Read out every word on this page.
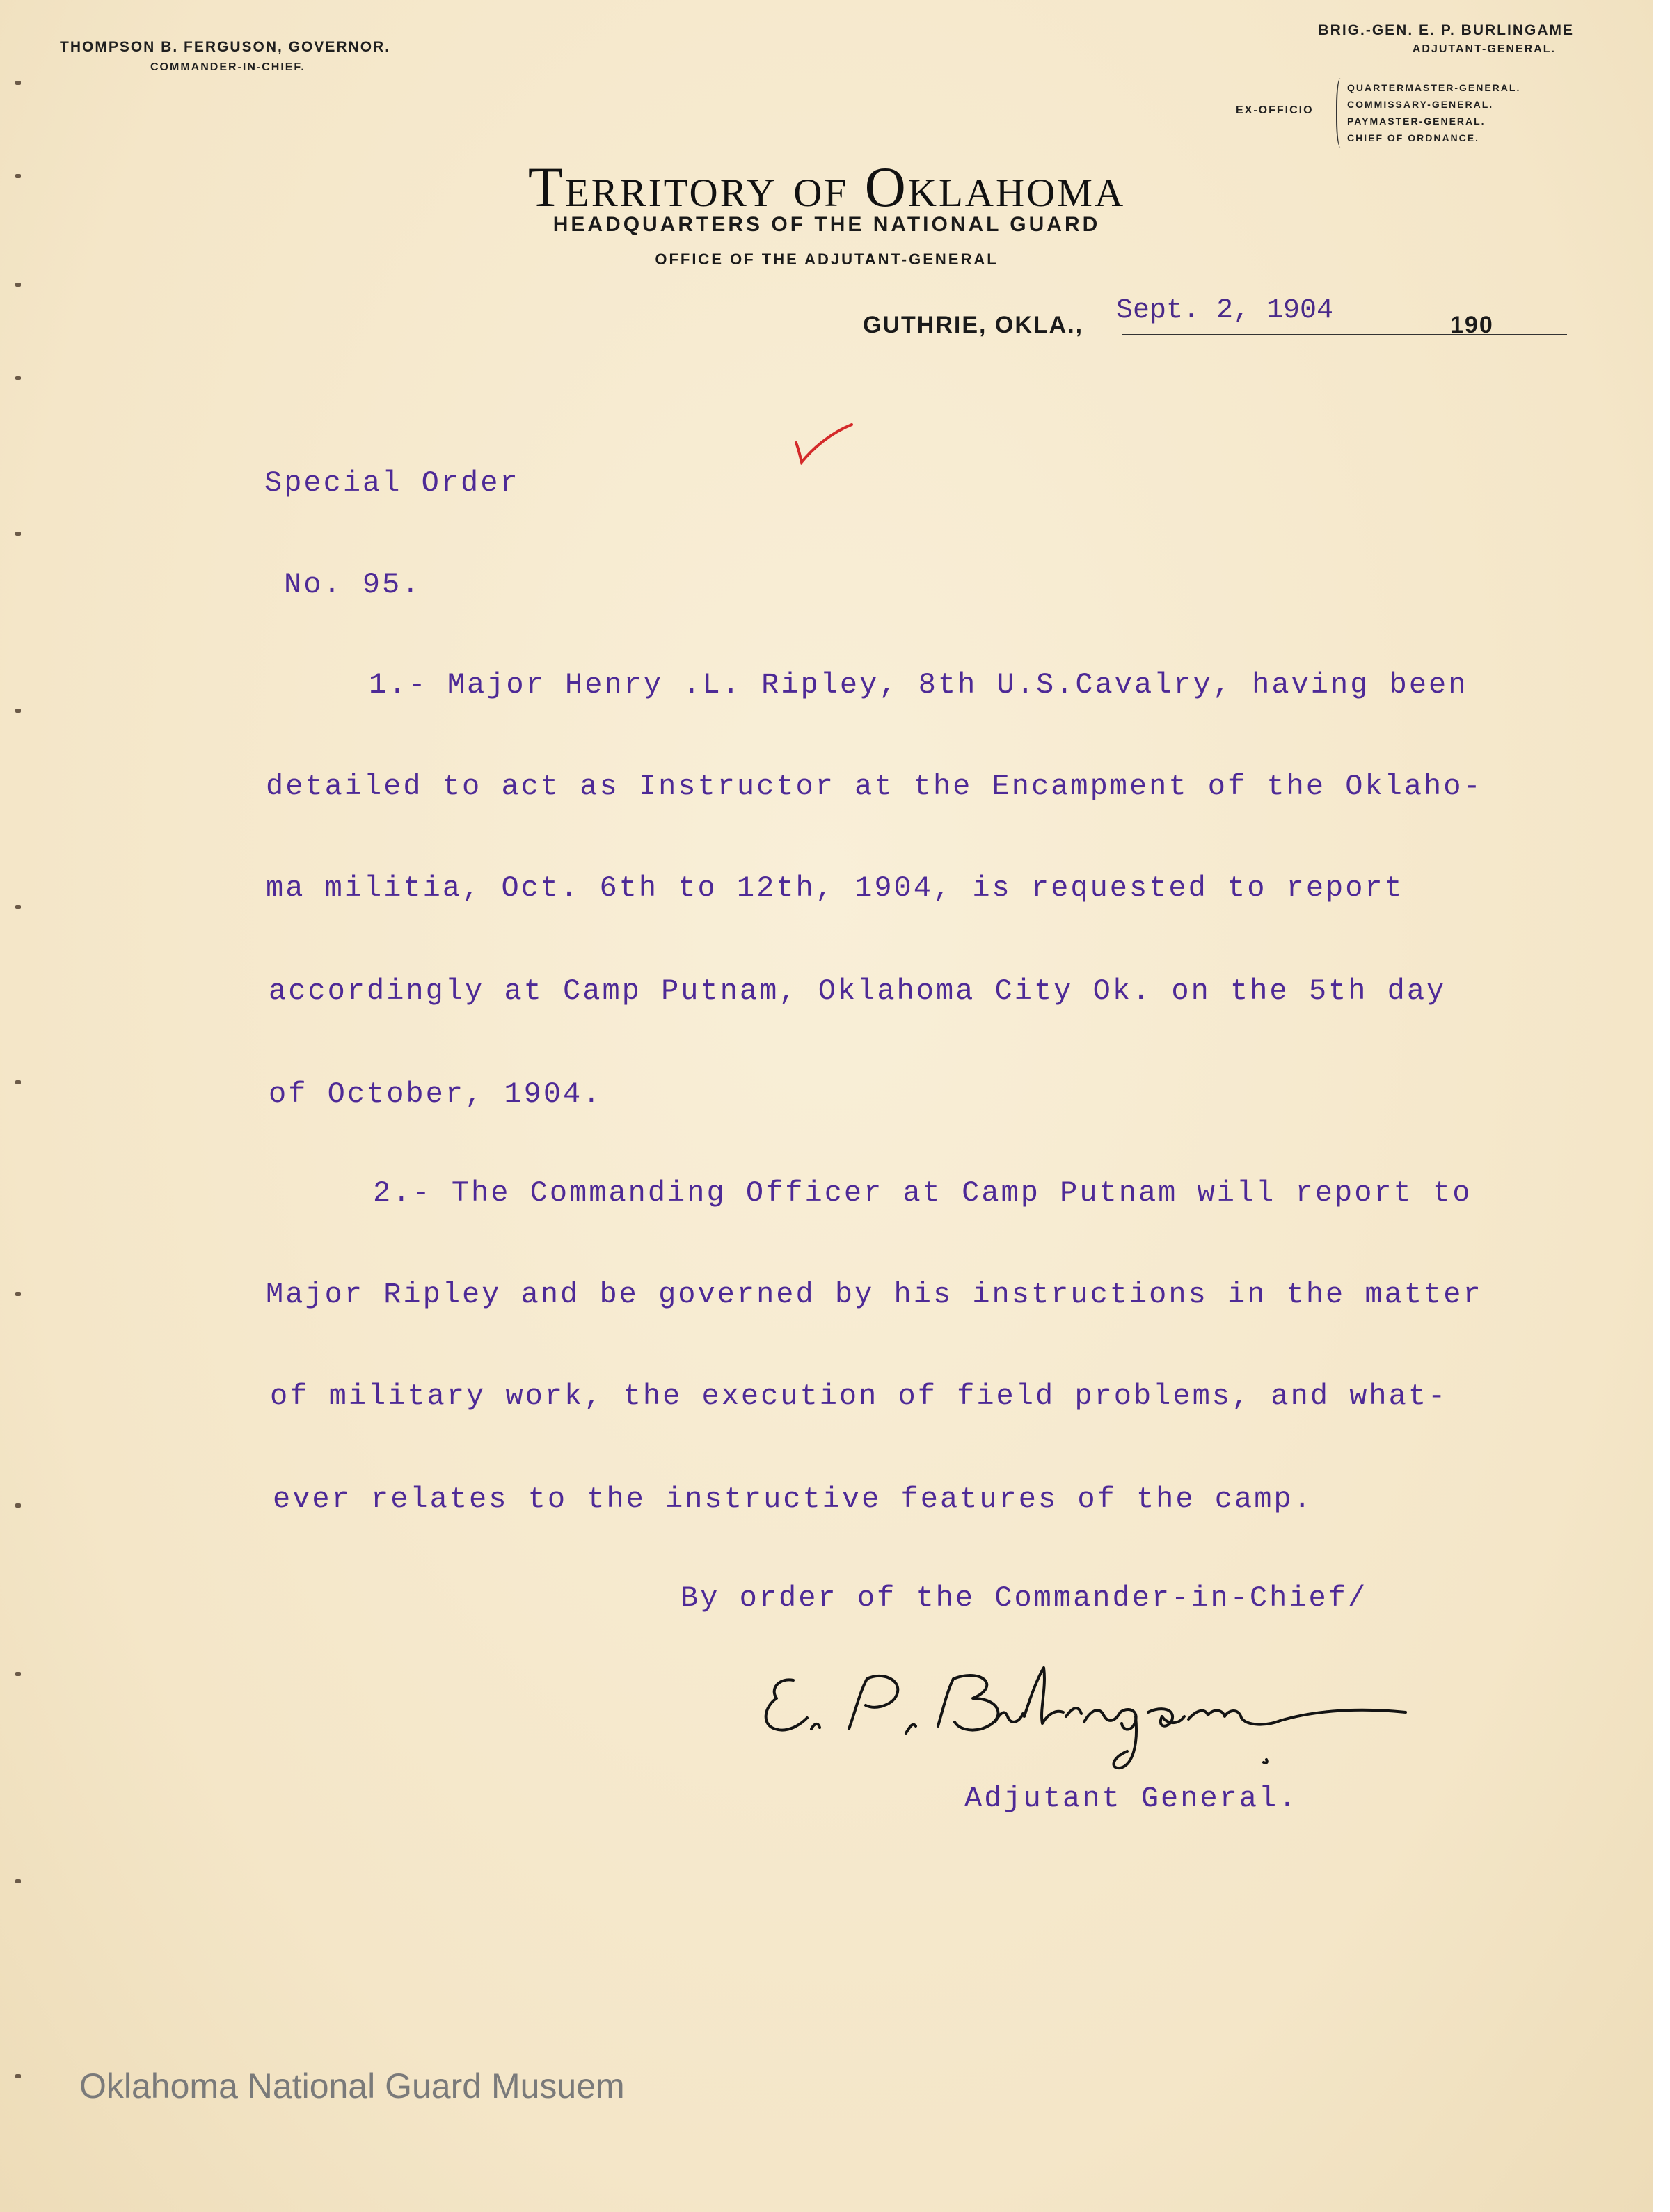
THOMPSON B. FERGUSON, GOVERNOR.
COMMANDER-IN-CHIEF.
BRIG.-GEN. E. P. BURLINGAME
ADJUTANT-GENERAL.
EX-OFFICIO
QUARTERMASTER-GENERAL.
COMMISSARY-GENERAL.
PAYMASTER-GENERAL.
CHIEF OF ORDNANCE.
Territory of Oklahoma
HEADQUARTERS OF THE NATIONAL GUARD
OFFICE OF THE ADJUTANT-GENERAL
GUTHRIE, OKLA., Sept. 2, 1904	190
Special Order
No. 95.
1.- Major Henry .L. Ripley, 8th U.S.Cavalry, having been
detailed to act as Instructor at the Encampment of the Oklaho-
ma militia, Oct. 6th to 12th, 1904, is requested to report
accordingly at Camp Putnam, Oklahoma City Ok. on the 5th day
of October, 1904.
2.- The Commanding Officer at Camp Putnam will report to
Major Ripley and be governed by his instructions in the matter
of military work, the execution of field problems, and what-
ever relates to the instructive features of the camp.
By order of the Commander-in-Chief/
Adjutant General.
Oklahoma National Guard Musuem
